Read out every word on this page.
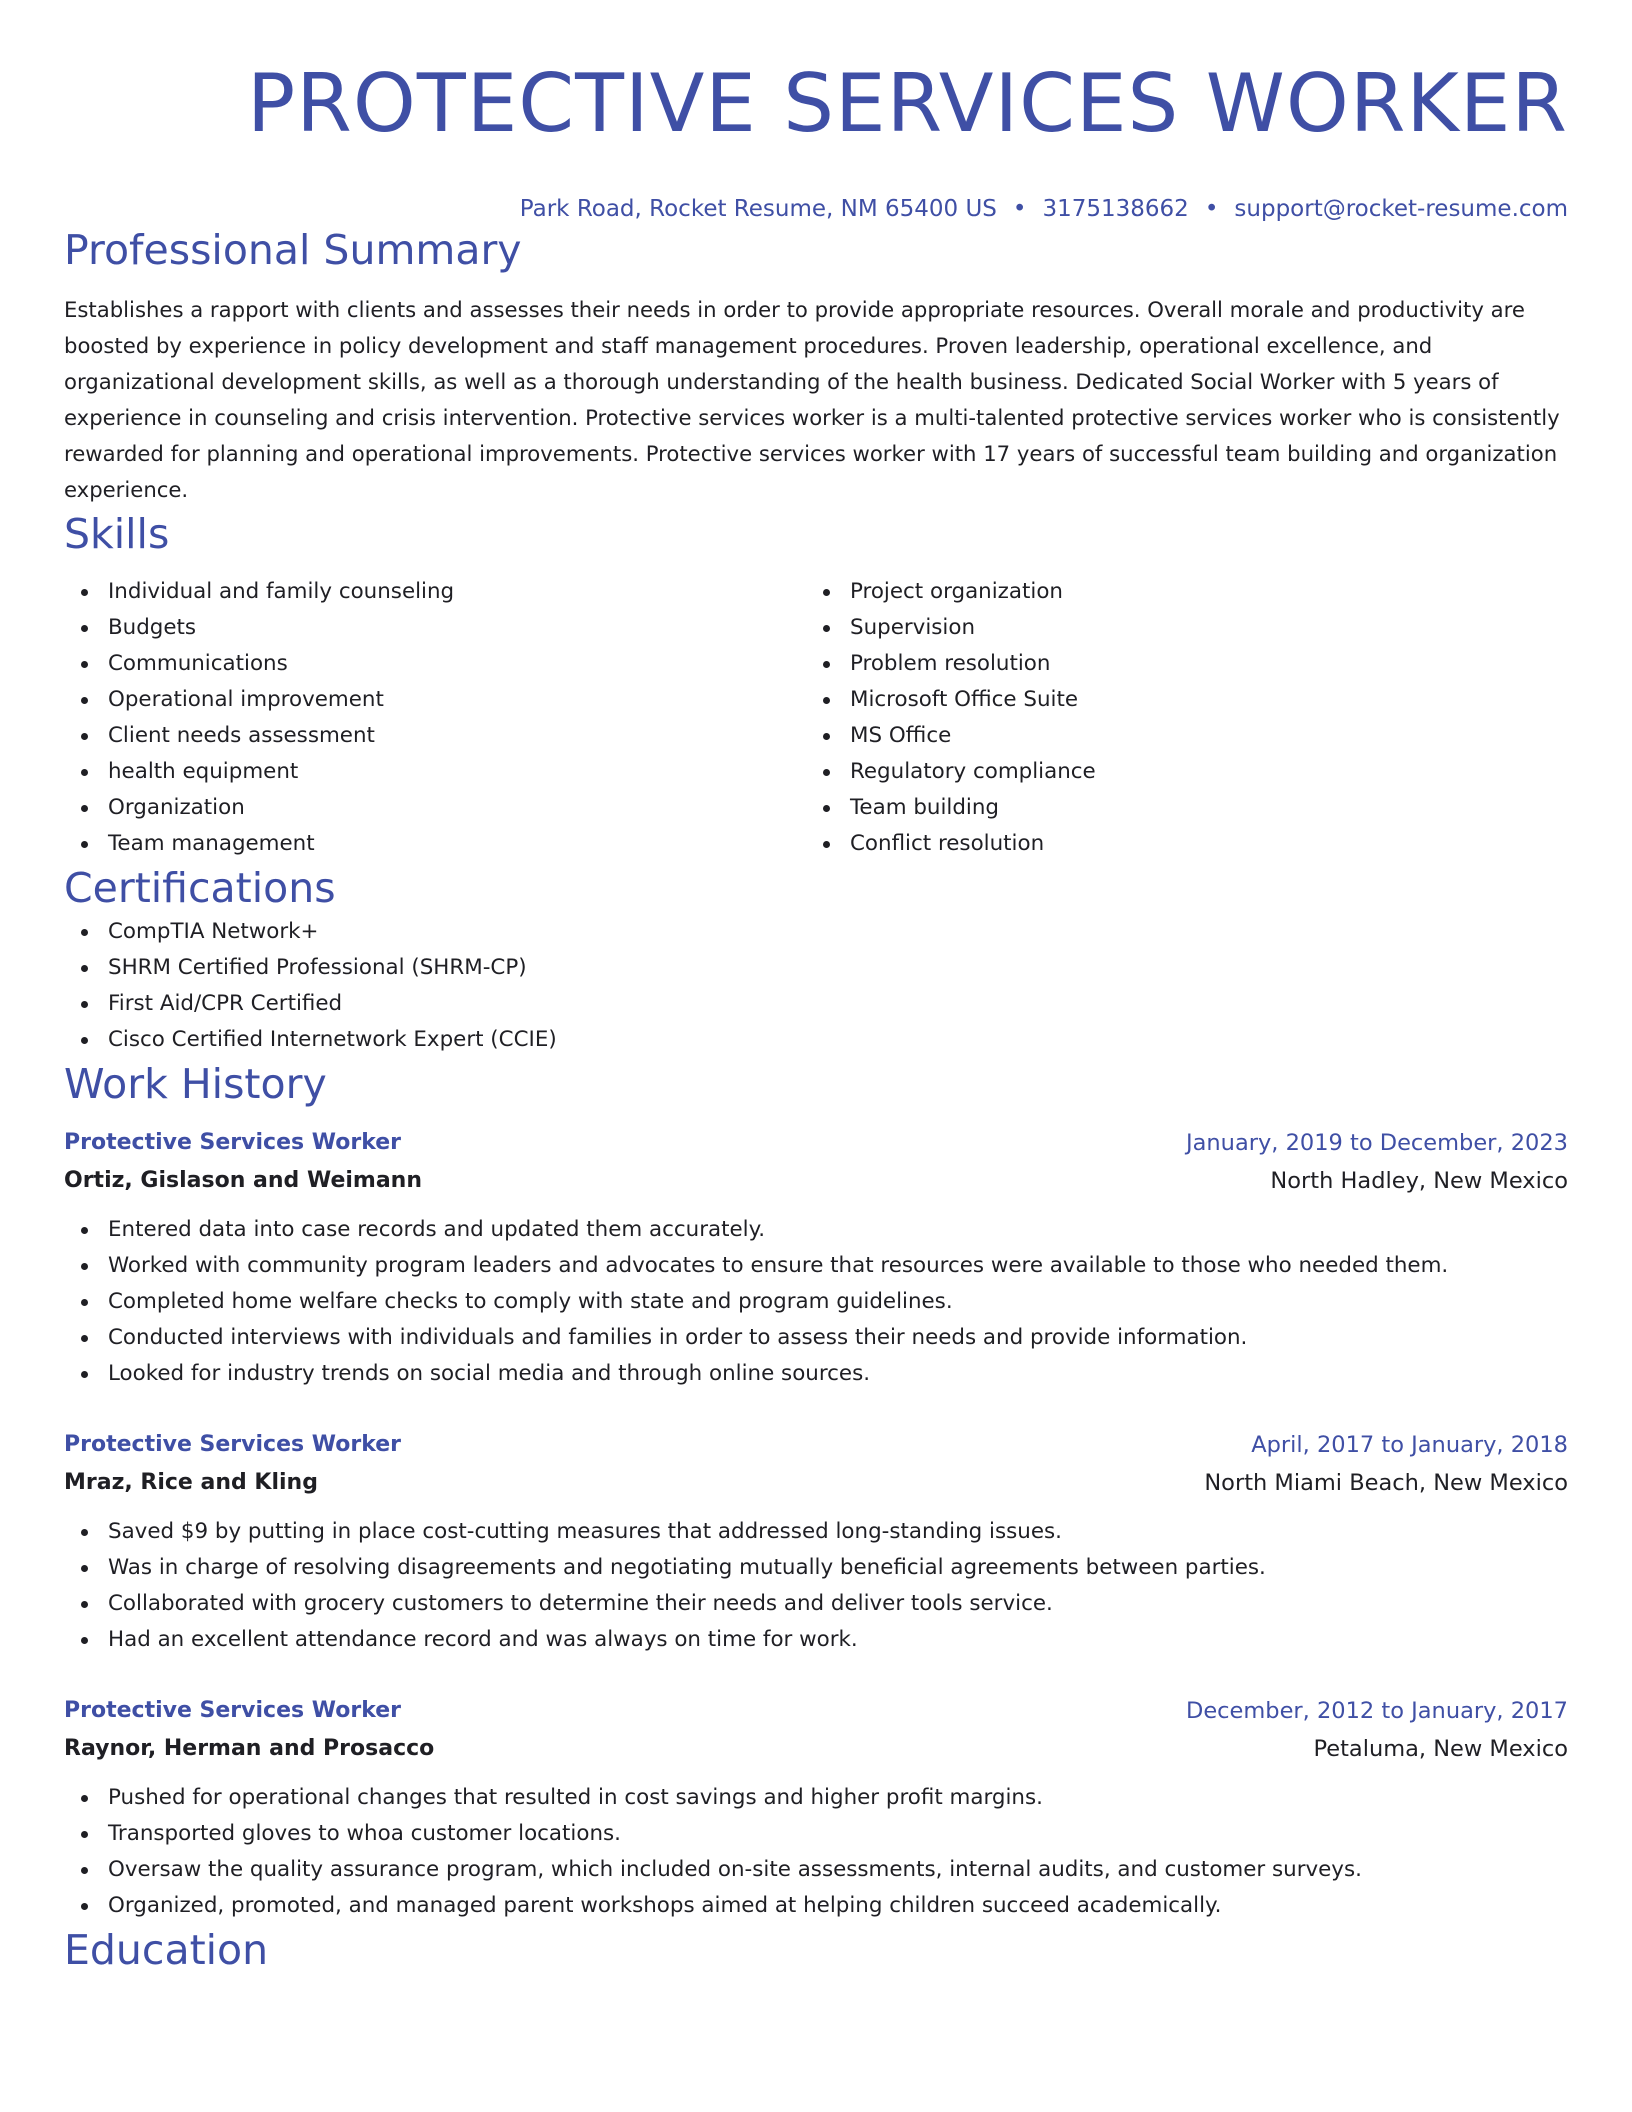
PROTECTIVE SERVICES WORKER
Park Road, Rocket Resume, NM 65400 US • 3175138662 • support@rocket-resume.com
Professional Summary
Establishes a rapport with clients and assesses their needs in order to provide appropriate resources. Overall morale and productivity are boosted by experience in policy development and staff management procedures. Proven leadership, operational excellence, and organizational development skills, as well as a thorough understanding of the health business. Dedicated Social Worker with 5 years of experience in counseling and crisis intervention. Protective services worker is a multi-talented protective services worker who is consistently rewarded for planning and operational improvements. Protective services worker with 17 years of successful team building and organization experience.
Skills
Individual and family counseling
Budgets
Communications
Operational improvement
Client needs assessment
health equipment
Organization
Team management
Project organization
Supervision
Problem resolution
Microsoft Office Suite
MS Office
Regulatory compliance
Team building
Conflict resolution
Certifications
CompTIA Network+
SHRM Certified Professional (SHRM-CP)
First Aid/CPR Certified
Cisco Certified Internetwork Expert (CCIE)
Work History
Protective Services Worker	January, 2019 to December, 2023
Ortiz, Gislason and Weimann	North Hadley, New Mexico
Entered data into case records and updated them accurately.
Worked with community program leaders and advocates to ensure that resources were available to those who needed them.
Completed home welfare checks to comply with state and program guidelines.
Conducted interviews with individuals and families in order to assess their needs and provide information.
Looked for industry trends on social media and through online sources.
Protective Services Worker	April, 2017 to January, 2018
Mraz, Rice and Kling	North Miami Beach, New Mexico
Saved $9 by putting in place cost-cutting measures that addressed long-standing issues.
Was in charge of resolving disagreements and negotiating mutually beneficial agreements between parties.
Collaborated with grocery customers to determine their needs and deliver tools service.
Had an excellent attendance record and was always on time for work.
Protective Services Worker	December, 2012 to January, 2017
Raynor, Herman and Prosacco	Petaluma, New Mexico
Pushed for operational changes that resulted in cost savings and higher profit margins.
Transported gloves to whoa customer locations.
Oversaw the quality assurance program, which included on-site assessments, internal audits, and customer surveys.
Organized, promoted, and managed parent workshops aimed at helping children succeed academically.
Education
